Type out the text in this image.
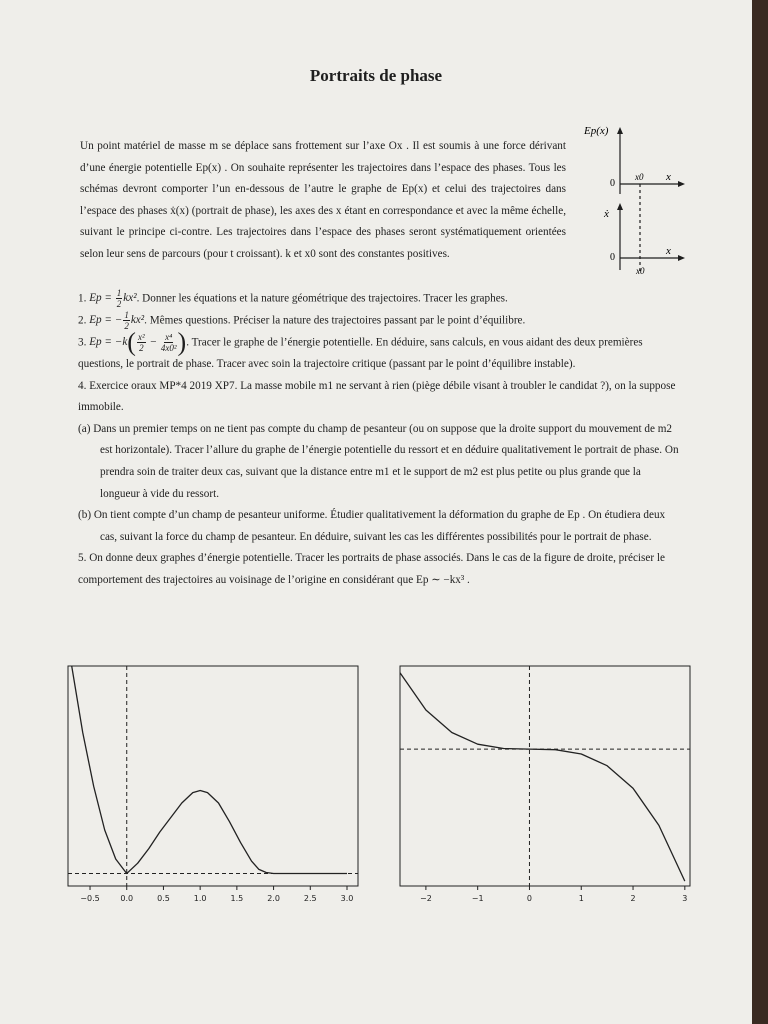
Portraits de phase
Un point matériel de masse m se déplace sans frottement sur l’axe Ox . Il est soumis à une force dérivant d’une énergie potentielle Ep(x) . On souhaite représenter les trajectoires dans l’espace des phases. Tous les schémas devront comporter l’un en-dessous de l’autre le graphe de Ep(x) et celui des trajectoires dans l’espace des phases ẋ(x) (portrait de phase), les axes des x étant en correspondance et avec la même échelle, suivant le principe ci-contre. Les trajectoires dans l’espace des phases seront systématiquement orientées selon leur sens de parcours (pour t croissant). k et x0 sont des constantes positives.
Ep(x)
0
x0 x
ẋ
0
x
x0

1. $Ep = \frac{1}{2} kx^2$. Donner les équations et la nature géométrique des trajectoires. Tracer les graphes.

2. Ep = − $\frac{1}{2} kx^2$. Mêmes questions. Préciser la nature des trajectoires passant par le point d’équilibre.

3. $Ep = -k( \frac{\text{x²}}{2} - \frac{\text{x⁴}}{\text{4x0²}}$ ). Tracer le graphe de l’énergie potentielle. En déduire, sans calculs, en vous aidant des deux premières questions, le portrait de phase. Tracer avec soin la trajectoire critique (passant par le point d’équilibre instable).

4. Exercice oraux MP*4 2019 XP7. La masse mobile m1 ne servant à rien (piège débile visant à troubler le candidat ?), on la suppose immobile.

(a) Dans un premier temps on ne tient pas compte du champ de pesanteur (ou on suppose que la droite support du mouvement de m2 est horizontale). Tracer l’allure du graphe de l’énergie potentielle du ressort et en déduire qualitativement le portrait de phase. On prendra soin de traiter deux cas, suivant que la distance entre m1 et le support de m2 est plus petite ou plus grande que la longueur à vide du ressort.

(b) On tient compte d’un champ de pesanteur uniforme. Étudier qualitativement la déformation du graphe de Ep . On étudiera deux cas, suivant la force du champ de pesanteur. En déduire, suivant les cas les différentes possibilités pour le portrait de phase.

5. On donne deux graphes d’énergie potentielle. Tracer les portraits de phase associés. Dans le cas de la figure de droite, préciser le comportement des trajectoires au voisinage de l’origine en considérant que Ep ∼ −kx³ .

−0.5	0.0	0.5	1.0	1.5	2.0	2.5	3.0	−2	−1	0	1	2	3
